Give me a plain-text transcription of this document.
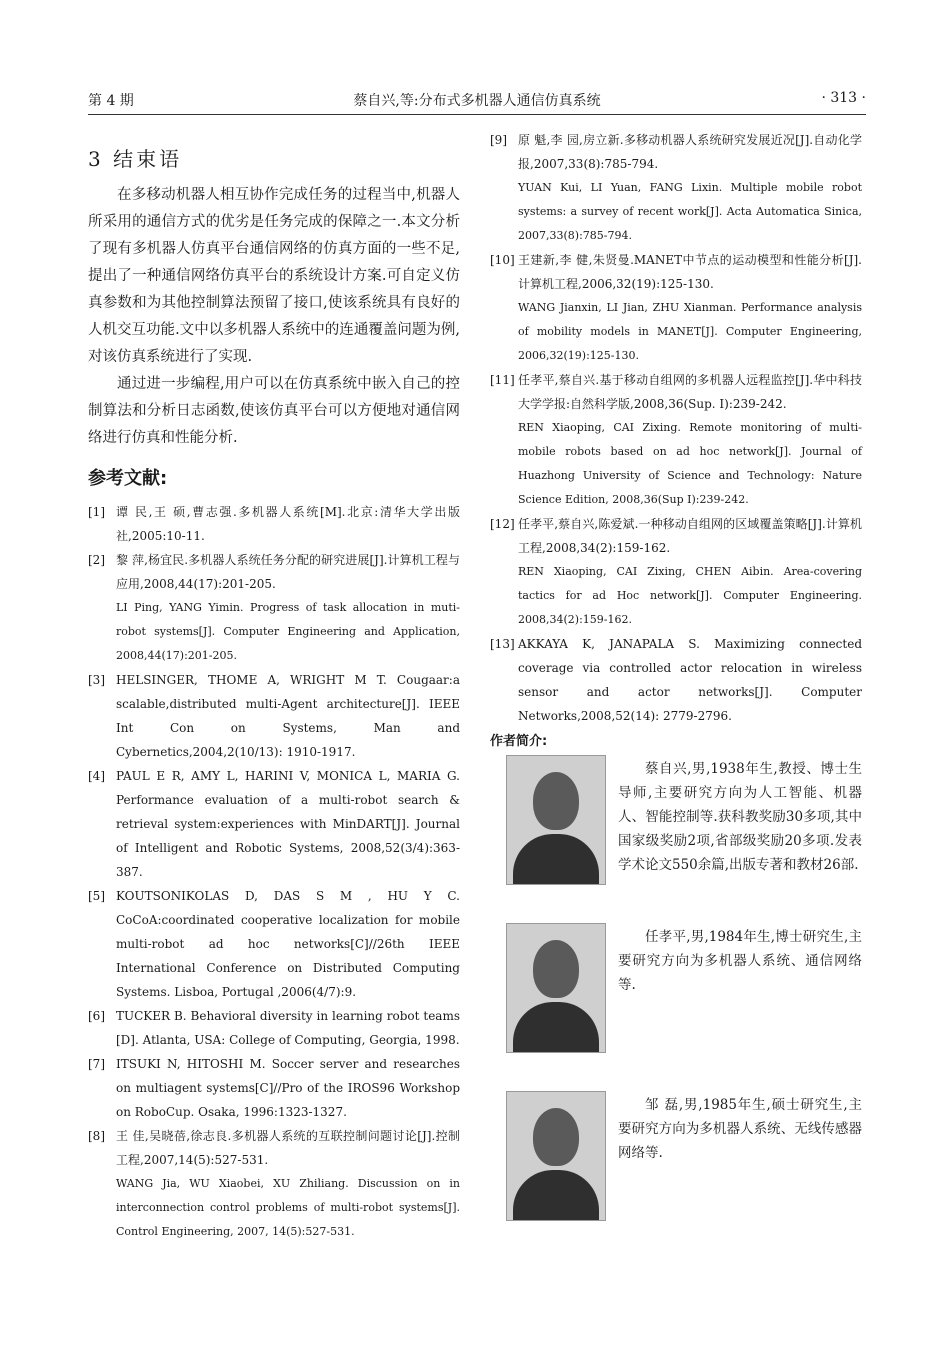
第 4 期	蔡自兴,等:分布式多机器人通信仿真系统	· 313 ·
3 结束语

在多移动机器人相互协作完成任务的过程当中,机器人所采用的通信方式的优劣是任务完成的保障之一.本文分析了现有多机器人仿真平台通信网络的仿真方面的一些不足,提出了一种通信网络仿真平台的系统设计方案.可自定义仿真参数和为其他控制算法预留了接口,使该系统具有良好的人机交互功能.文中以多机器人系统中的连通覆盖问题为例,对该仿真系统进行了实现.

通过进一步编程,用户可以在仿真系统中嵌入自己的控制算法和分析日志函数,使该仿真平台可以方便地对通信网络进行仿真和性能分析.

参考文献:
[1] 谭 民,王 硕,曹志强.多机器人系统[M].北京:清华大学出版社,2005:10-11.
[2] 黎 萍,杨宜民.多机器人系统任务分配的研究进展[J].计算机工程与应用,2008,44(17):201-205.
LI Ping, YANG Yimin. Progress of task allocation in muti-robot systems[J]. Computer Engineering and Application, 2008,44(17):201-205.
[3] HELSINGER, THOME A, WRIGHT M T. Cougaar:a scalable,distributed multi-Agent architecture[J]. IEEE Int Con on Systems, Man and Cybernetics,2004,2(10/13): 1910-1917.
[4] PAUL E R, AMY L, HARINI V, MONICA L, MARIA G. Performance evaluation of a multi-robot search & retrieval system:experiences with MinDART[J]. Journal of Intelligent and Robotic Systems, 2008,52(3/4):363-387.
[5] KOUTSONIKOLAS D, DAS S M , HU Y C. CoCoA:coordinated cooperative localization for mobile multi-robot ad hoc networks[C]//26th IEEE International Conference on Distributed Computing Systems. Lisboa, Portugal ,2006(4/7):9.
[6] TUCKER B. Behavioral diversity in learning robot teams [D]. Atlanta, USA: College of Computing, Georgia, 1998.
[7] ITSUKI N, HITOSHI M. Soccer server and researches on multiagent systems[C]//Pro of the IROS96 Workshop on RoboCup. Osaka, 1996:1323-1327.
[8] 王 佳,吴晓蓓,徐志良.多机器人系统的互联控制问题讨论[J].控制工程,2007,14(5):527-531.
WANG Jia, WU Xiaobei, XU Zhiliang. Discussion on in interconnection control problems of multi-robot systems[J]. Control Engineering, 2007, 14(5):527-531.
[9] 原 魁,李 园,房立新.多移动机器人系统研究发展近况[J].自动化学报,2007,33(8):785-794.
YUAN Kui, LI Yuan, FANG Lixin. Multiple mobile robot systems: a survey of recent work[J]. Acta Automatica Sinica, 2007,33(8):785-794.
[10] 王建新,李 健,朱贤曼.MANET中节点的运动模型和性能分析[J].计算机工程,2006,32(19):125-130.
WANG Jianxin, LI Jian, ZHU Xianman. Performance analysis of mobility models in MANET[J]. Computer Engineering, 2006,32(19):125-130.
[11] 任孝平,蔡自兴.基于移动自组网的多机器人远程监控[J].华中科技大学学报:自然科学版,2008,36(Sup. I):239-242.
REN Xiaoping, CAI Zixing. Remote monitoring of multi-mobile robots based on ad hoc network[J]. Journal of Huazhong University of Science and Technology: Nature Science Edition, 2008,36(Sup I):239-242.
[12] 任孝平,蔡自兴,陈爱斌.一种移动自组网的区域覆盖策略[J].计算机工程,2008,34(2):159-162.
REN Xiaoping, CAI Zixing, CHEN Aibin. Area-covering tactics for ad Hoc network[J]. Computer Engineering. 2008,34(2):159-162.
[13] AKKAYA K, JANAPALA S. Maximizing connected coverage via controlled actor relocation in wireless sensor and actor networks[J]. Computer Networks,2008,52(14): 2779-2796.
作者简介:

蔡自兴,男,1938年生,教授、博士生导师,主要研究方向为人工智能、机器人、智能控制等.获科教奖励30多项,其中国家级奖励2项,省部级奖励20多项.发表学术论文550余篇,出版专著和教材26部.

任孝平,男,1984年生,博士研究生,主要研究方向为多机器人系统、通信网络等.

邹 磊,男,1985年生,硕士研究生,主要研究方向为多机器人系统、无线传感器网络等.
